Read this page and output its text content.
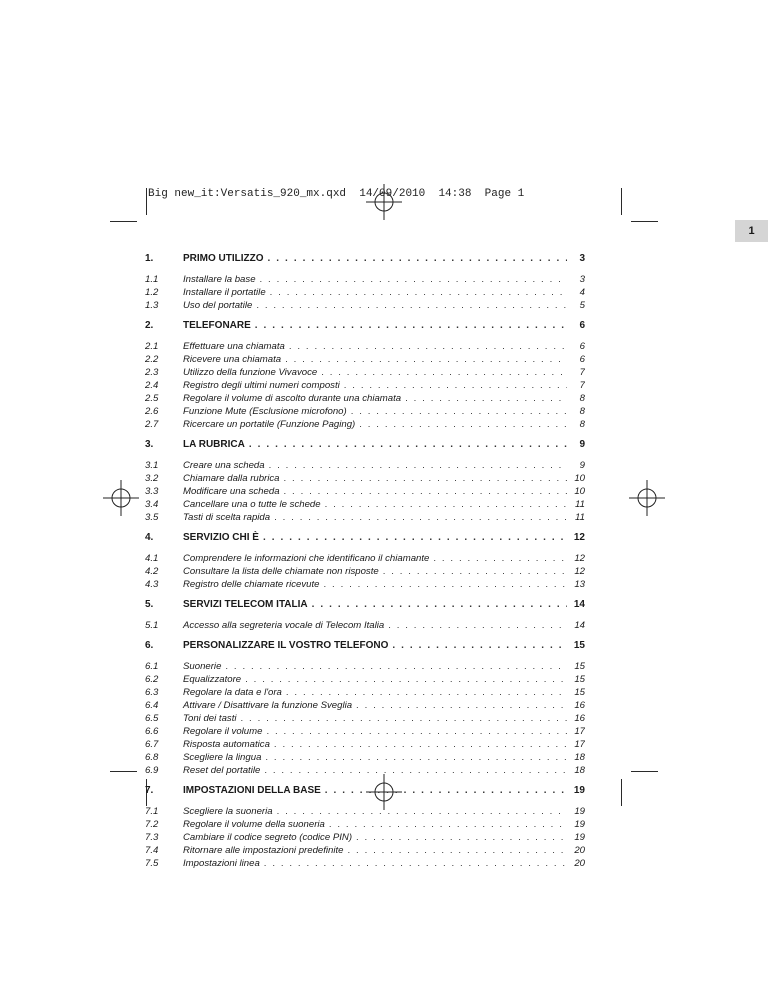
Big new_it:Versatis_920_mx.qxd  14/09/2010  14:38  Page 1
1
1.	PRIMO UTILIZZO . . .	3
1.1	Installare la base . . .	3
1.2	Installare il portatile . . .	4
1.3	Uso del portatile . . .	5
2.	TELEFONARE . . .	6
2.1	Effettuare una chiamata . . .	6
2.2	Ricevere una chiamata . . .	6
2.3	Utilizzo della funzione Vivavoce . . .	7
2.4	Registro degli ultimi numeri composti . . .	7
2.5	Regolare il volume di ascolto durante una chiamata . . .	8
2.6	Funzione Mute (Esclusione microfono) . . .	8
2.7	Ricercare un portatile (Funzione Paging) . . .	8
3.	LA RUBRICA . . .	9
3.1	Creare una scheda . . .	9
3.2	Chiamare dalla rubrica . . .	10
3.3	Modificare una scheda . . .	10
3.4	Cancellare una o tutte le schede . . .	11
3.5	Tasti di scelta rapida . . .	11
4.	SERVIZIO CHI È . . .	12
4.1	Comprendere le informazioni che identificano il chiamante . . .	12
4.2	Consultare la lista delle chiamate non risposte . . .	12
4.3	Registro delle chiamate ricevute . . .	13
5.	SERVIZI TELECOM ITALIA . . .	14
5.1	Accesso alla segreteria vocale di Telecom Italia . . .	14
6.	PERSONALIZZARE IL VOSTRO TELEFONO . . .	15
6.1	Suonerie . . .	15
6.2	Equalizzatore . . .	15
6.3	Regolare la data e l'ora . . .	15
6.4	Attivare / Disattivare la funzione Sveglia . . .	16
6.5	Toni dei tasti . . .	16
6.6	Regolare il volume . . .	17
6.7	Risposta automatica . . .	17
6.8	Scegliere la lingua . . .	18
6.9	Reset del portatile . . .	18
7.	IMPOSTAZIONI DELLA BASE . . .	19
7.1	Scegliere la suoneria . . .	19
7.2	Regolare il volume della suoneria . . .	19
7.3	Cambiare il codice segreto (codice PIN) . . .	19
7.4	Ritornare alle impostazioni predefinite . . .	20
7.5	Impostazioni linea . . .	20
